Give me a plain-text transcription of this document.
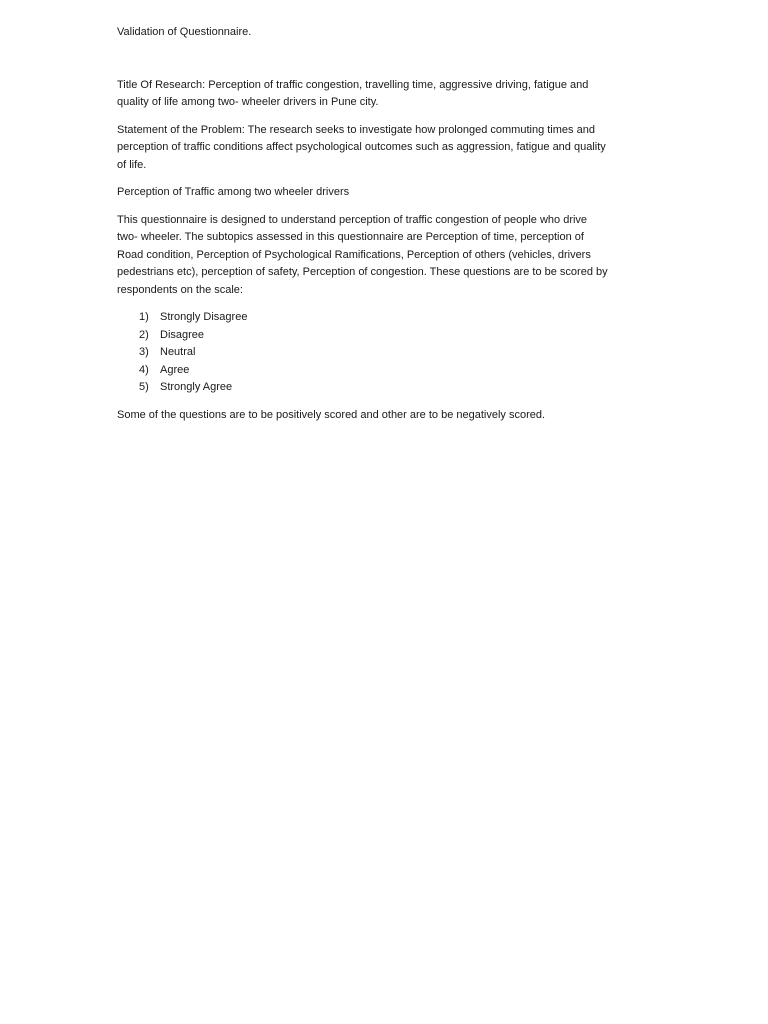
Validation of Questionnaire.
Title Of Research: Perception of traffic congestion, travelling time, aggressive driving, fatigue and
quality of life among two- wheeler drivers in Pune city.
Statement of the Problem: The research seeks to investigate how prolonged commuting times and
perception of traffic conditions affect psychological outcomes such as aggression, fatigue and quality
of life.
Perception of Traffic among two wheeler drivers
This questionnaire is designed to understand perception of traffic congestion of people who drive
two- wheeler. The subtopics assessed in this questionnaire are Perception of time, perception of
Road condition, Perception of Psychological Ramifications, Perception of others (vehicles, drivers
pedestrians etc), perception of safety, Perception of congestion. These questions are to be scored by
respondents on the scale:
1) Strongly Disagree
2) Disagree
3) Neutral
4) Agree
5) Strongly Agree
Some of the questions are to be positively scored and other are to be negatively scored.
